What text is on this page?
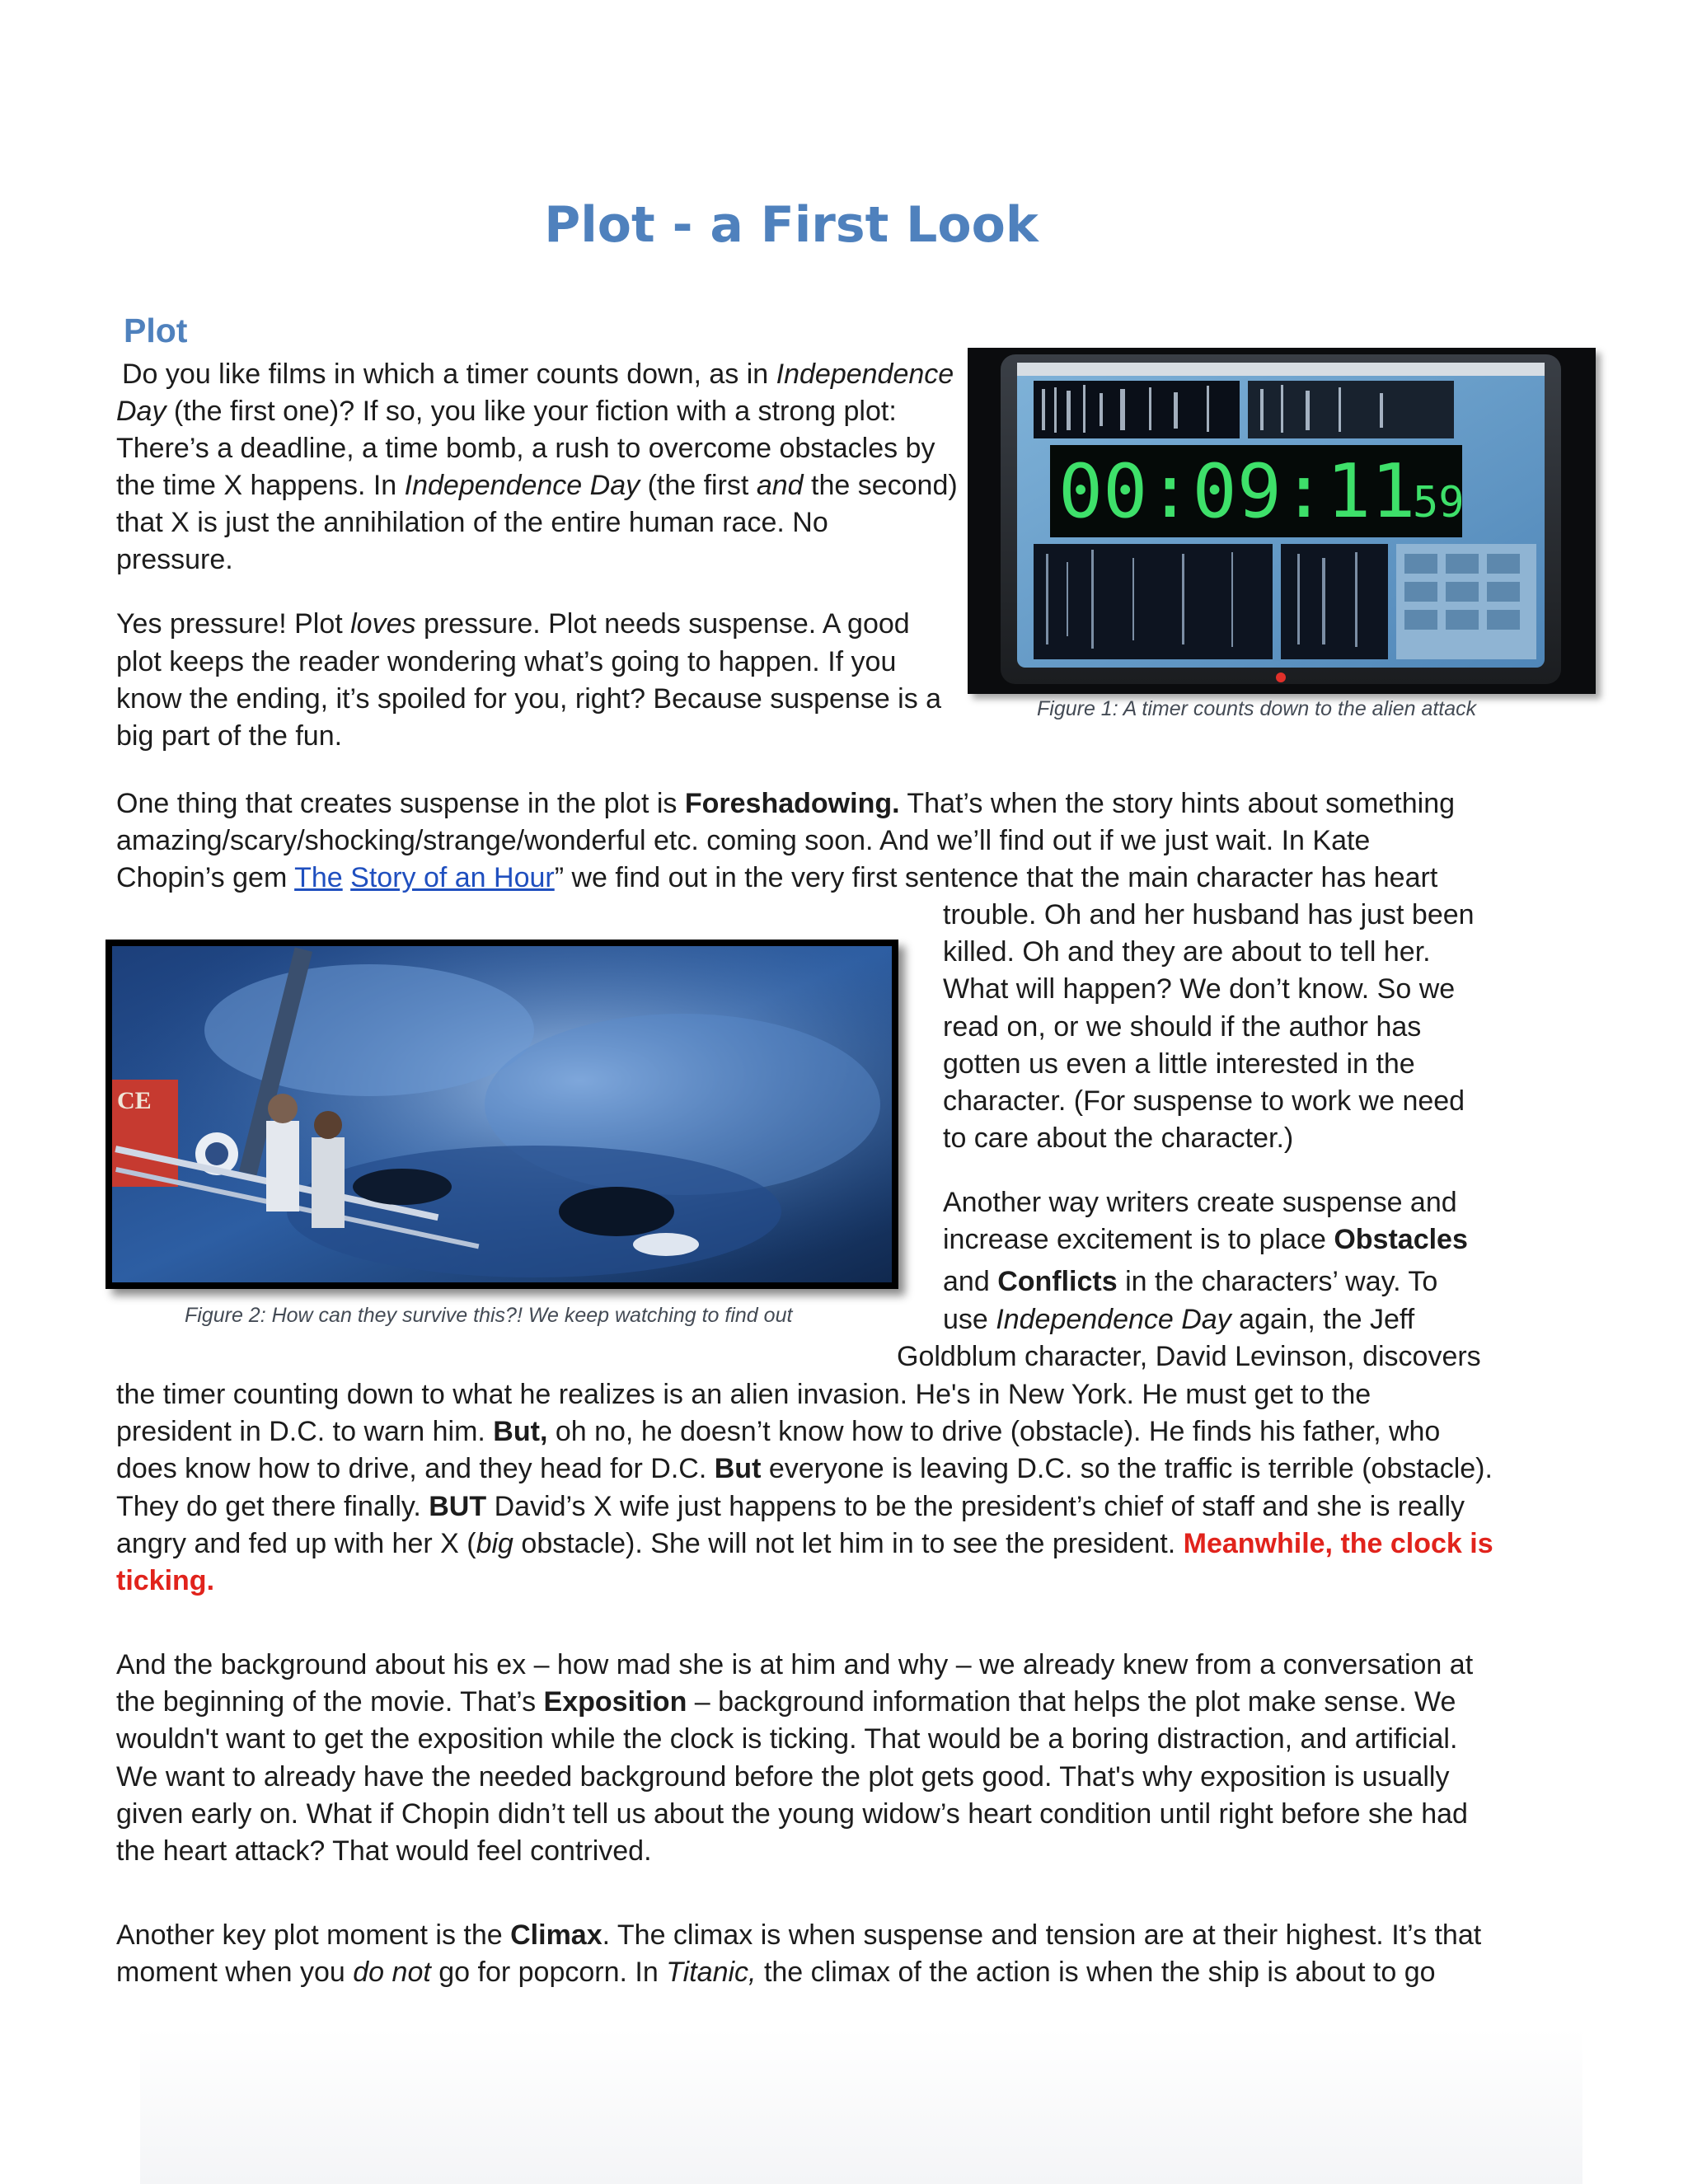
Plot - a First Look
Plot

Do you like films in which a timer counts down, as in Independence

Day (the first one)? If so, you like your fiction with a strong plot:

There’s a deadline, a time bomb, a rush to overcome obstacles by

the time X happens. In Independence Day (the first and the second)

that X is just the annihilation of the entire human race. No

pressure.

Yes pressure! Plot loves pressure. Plot needs suspense. A good

plot keeps the reader wondering what’s going to happen. If you

know the ending, it’s spoiled for you, right? Because suspense is a

big part of the fun.

00:09:11
59

Figure 1: A timer counts down to the alien attack

One thing that creates suspense in the plot is Foreshadowing. That’s when the story hints about something

amazing/scary/shocking/strange/wonderful etc. coming soon. And we’ll find out if we just wait. In Kate

Chopin’s gem The Story of an Hour” we find out in the very first sentence that the main character has heart

trouble. Oh and her husband has just been

killed. Oh and they are about to tell her.

What will happen? We don’t know. So we

read on, or we should if the author has

gotten us even a little interested in the

character. (For suspense to work we need

to care about the character.)

CE

Figure 2: How can they survive this?! We keep watching to find out

Another way writers create suspense and

increase excitement is to place Obstacles

and Conflicts in the characters’ way. To

use Independence Day again, the Jeff

Goldblum character, David Levinson, discovers

the timer counting down to what he realizes is an alien invasion. He's in New York. He must get to the

president in D.C. to warn him. But, oh no, he doesn’t know how to drive (obstacle). He finds his father, who

does know how to drive, and they head for D.C. But everyone is leaving D.C. so the traffic is terrible (obstacle).

They do get there finally. BUT David’s X wife just happens to be the president’s chief of staff and she is really

angry and fed up with her X (big obstacle). She will not let him in to see the president. Meanwhile, the clock is

ticking.

And the background about his ex – how mad she is at him and why – we already knew from a conversation at

the beginning of the movie. That’s Exposition – background information that helps the plot make sense. We

wouldn't want to get the exposition while the clock is ticking. That would be a boring distraction, and artificial.

We want to already have the needed background before the plot gets good. That's why exposition is usually

given early on. What if Chopin didn’t tell us about the young widow’s heart condition until right before she had

the heart attack? That would feel contrived.

Another key plot moment is the Climax. The climax is when suspense and tension are at their highest. It’s that

moment when you do not go for popcorn. In Titanic, the climax of the action is when the ship is about to go
